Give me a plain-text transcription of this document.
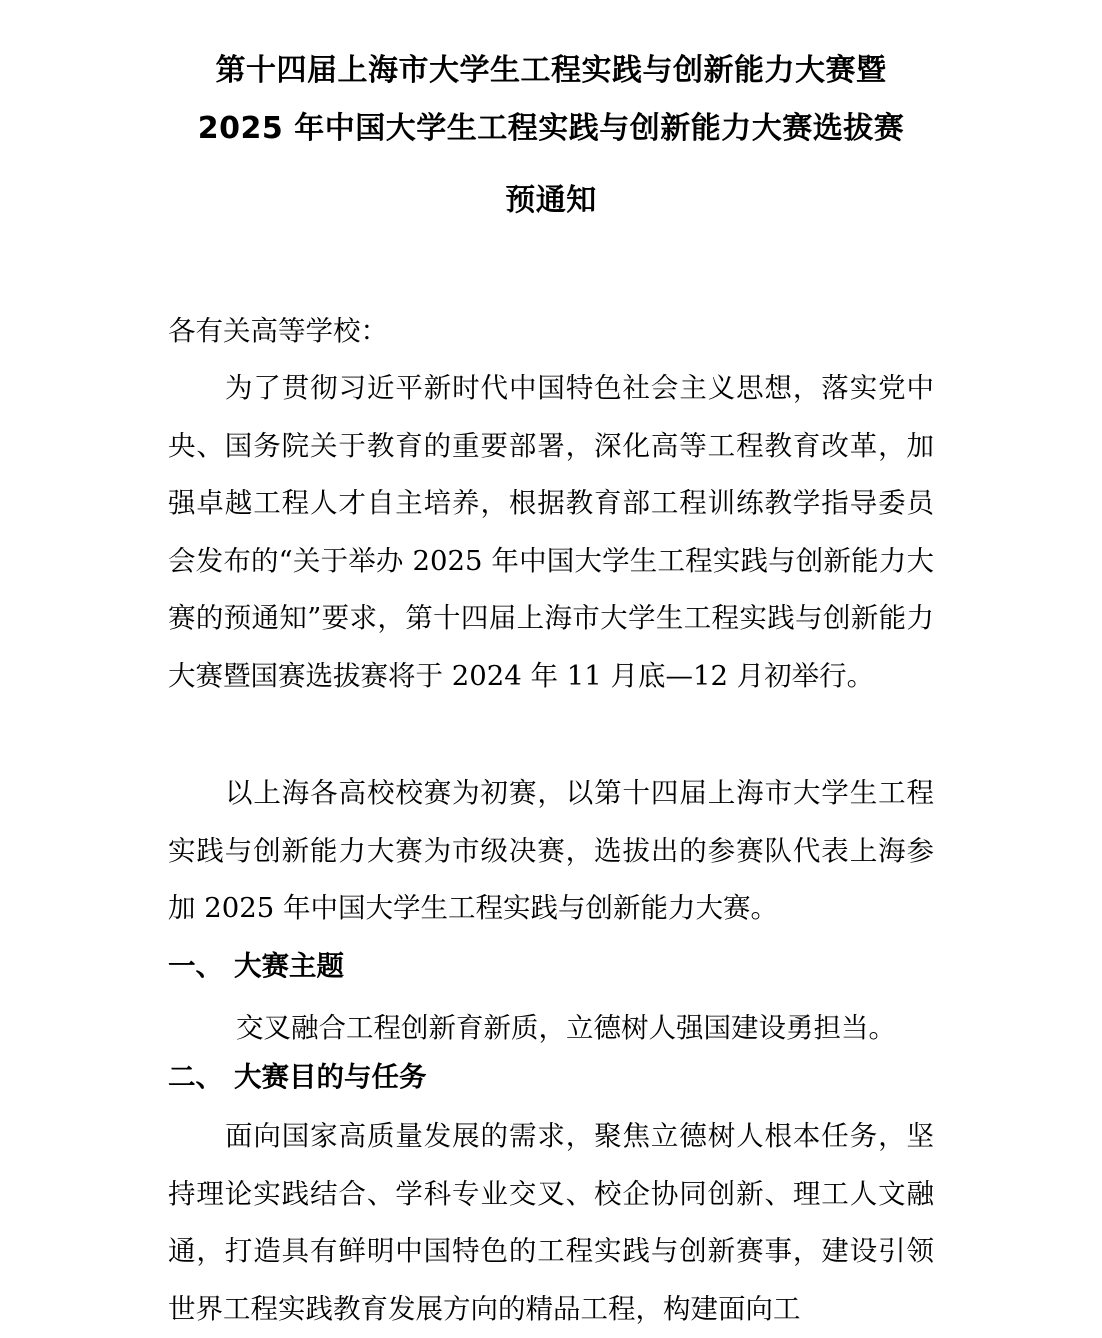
第十四届上海市大学生工程实践与创新能力大赛暨
2025 年中国大学生工程实践与创新能力大赛选拔赛
预通知

各有关高等学校：

为了贯彻习近平新时代中国特色社会主义思想，落实党中央、国务院关于教育的重要部署，深化高等工程教育改革，加强卓越工程人才自主培养，根据教育部工程训练教学指导委员会发布的“关于举办 2025 年中国大学生工程实践与创新能力大赛的预通知”要求，第十四届上海市大学生工程实践与创新能力大赛暨国赛选拔赛将于 2024 年 11 月底—12 月初举行。

以上海各高校校赛为初赛，以第十四届上海市大学生工程实践与创新能力大赛为市级决赛，选拔出的参赛队代表上海参加 2025 年中国大学生工程实践与创新能力大赛。

一、 大赛主题

交叉融合工程创新育新质，立德树人强国建设勇担当。

二、 大赛目的与任务

面向国家高质量发展的需求，聚焦立德树人根本任务，坚持理论实践结合、学科专业交叉、校企协同创新、理工人文融通，打造具有鲜明中国特色的工程实践与创新赛事，建设引领世界工程实践教育发展方向的精品工程，构建面向工
